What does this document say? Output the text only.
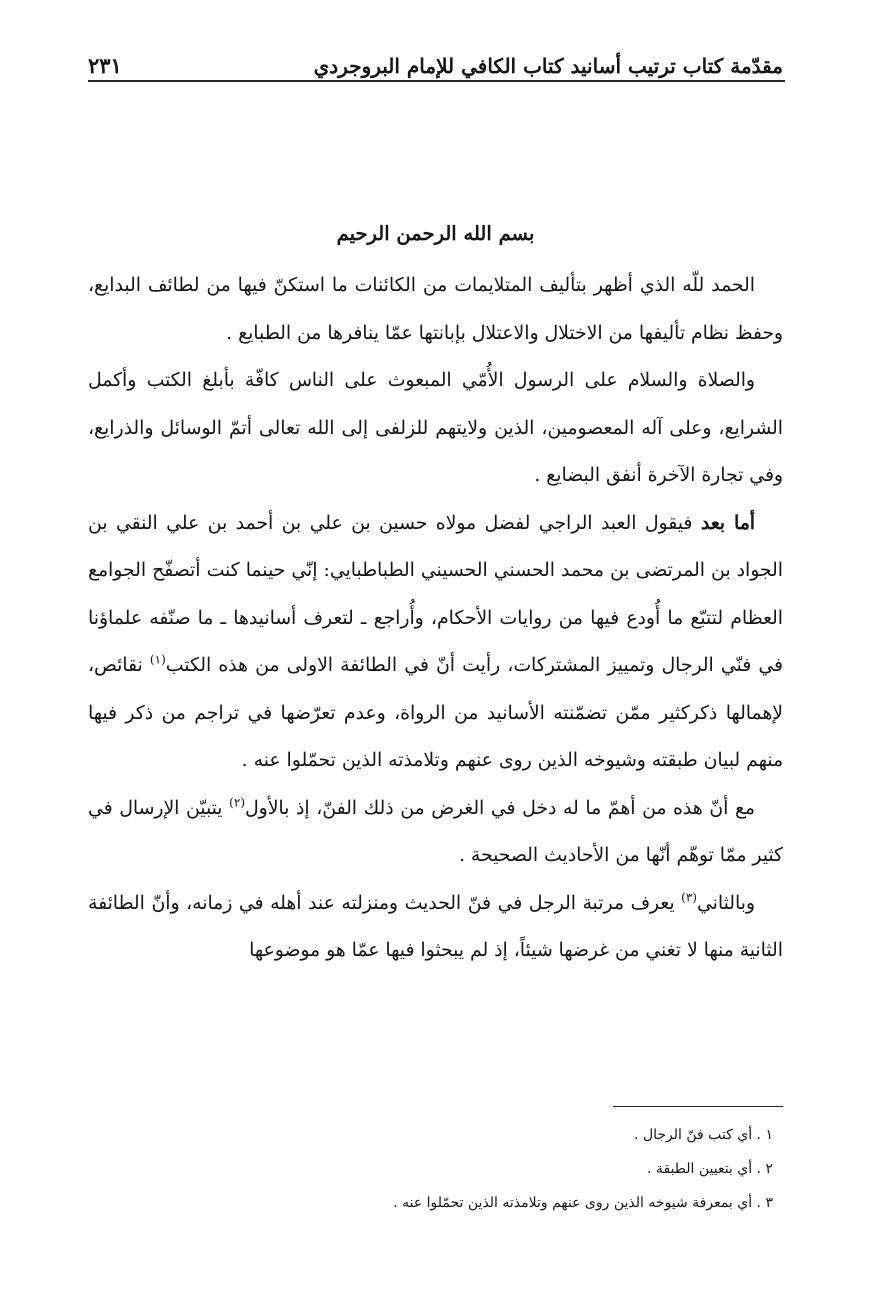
مقدّمة كتاب ترتيب أسانيد كتاب الكافي للإمام البروجردي
٢٣١
بسم الله الرحمن الرحيم

الحمد للّه الذي أظهر بتأليف المتلايمات من الكائنات ما استكنّ فيها من لطائف البدايع، وحفظ نظام تأليفها من الاختلال والاعتلال بإبانتها عمّا ينافرها من الطبايع .

والصلاة والسلام على الرسول الأُمّي المبعوث على الناس كافّة بأبلغ الكتب وأكمل الشرايع، وعلى آله المعصومين، الذين ولايتهم للزلفى إلى الله تعالى أتمّ الوسائل والذرايع، وفي تجارة الآخرة أنفق البضايع .

أما بعد فيقول العبد الراجي لفضل مولاه حسين بن علي بن أحمد بن علي النقي بن الجواد بن المرتضى بن محمد الحسني الحسيني الطباطبايي: إنّي حينما كنت أتصفّح الجوامع العظام لتتبّع ما أُودع فيها من روايات الأحكام، وأُراجع ـ لتعرف أسانيدها ـ ما صنّفه علماؤنا في فنّي الرجال وتمييز المشتركات، رأيت أنّ في الطائفة الاولى من هذه الكتب$^{(١)}$ نقائص، لإهمالها ذكركثير ممّن تضمّنته الأسانيد من الرواة، وعدم تعرّضها في تراجم من ذكر فيها منهم لبيان طبقته وشيوخه الذين روى عنهم وتلامذته الذين تحمّلوا عنه .

مع أنّ هذه من أهمّ ما له دخل في الغرض من ذلك الفنّ، إذ بالأول$^{(٢)}$ يتبيّن الإرسال في كثير ممّا توهّم أنّها من الأحاديث الصحيحة .

وبالثاني$^{(٣)}$ يعرف مرتبة الرجل في فنّ الحديث ومنزلته عند أهله في زمانه، وأنّ الطائفة الثانية منها لا تغني من غرضها شيئاً، إذ لم يبحثوا فيها عمّا هو موضوعها

١ . أي كتب فنّ الرجال .

٢ . أي بتعيين الطبقة .

٣ . أي بمعرفة شيوخه الذين روى عنهم وتلامذته الذين تحمّلوا عنه .
